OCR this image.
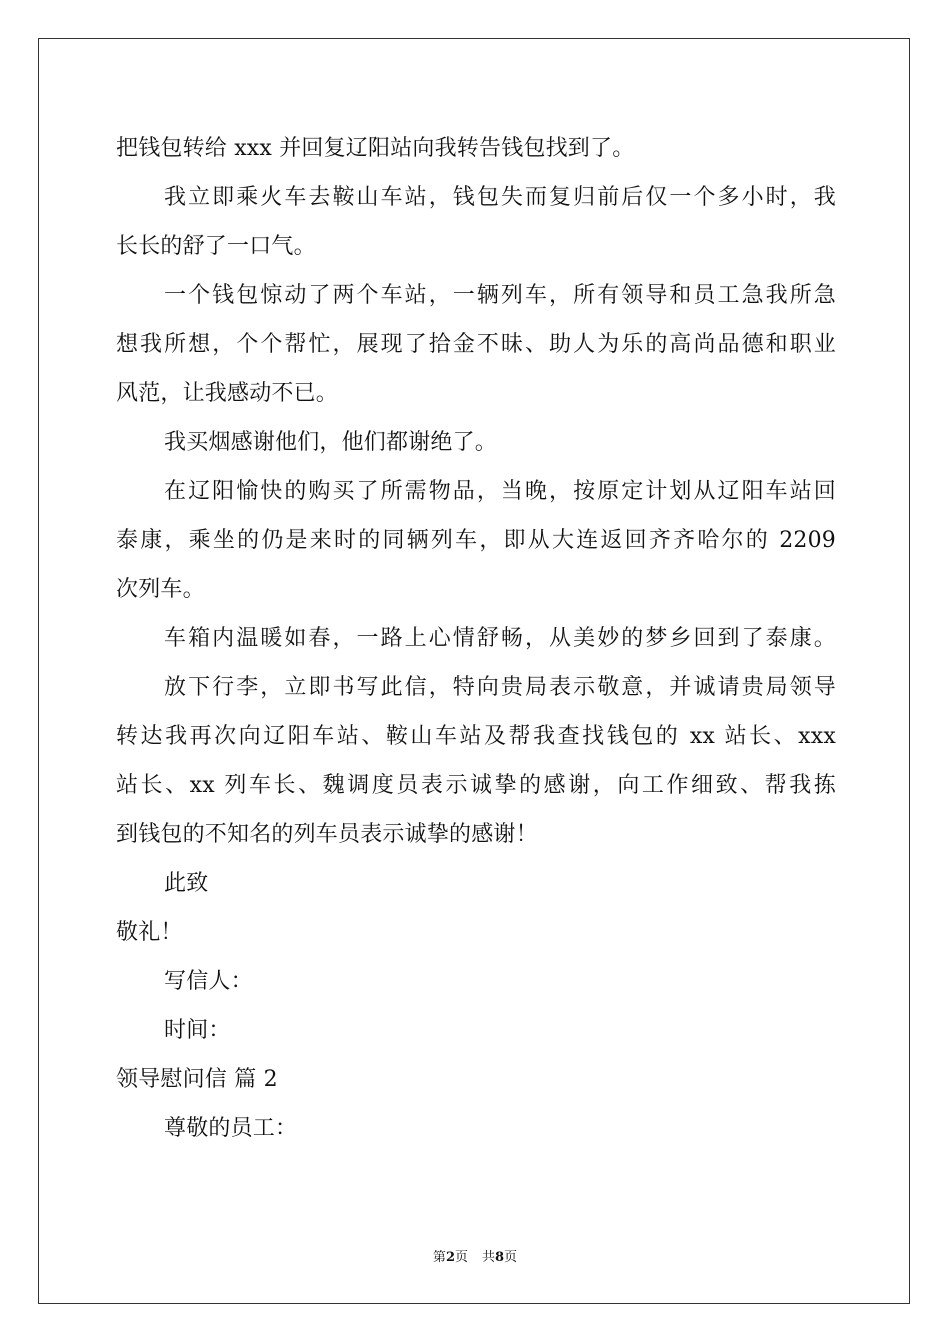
把钱包转给 xxx 并回复辽阳站向我转告钱包找到了。
我立即乘火车去鞍山车站，钱包失而复归前后仅一个多小时，我
长长的舒了一口气。
一个钱包惊动了两个车站，一辆列车，所有领导和员工急我所急
想我所想，个个帮忙，展现了拾金不昧、助人为乐的高尚品德和职业
风范，让我感动不已。
我买烟感谢他们，他们都谢绝了。
在辽阳愉快的购买了所需物品，当晚，按原定计划从辽阳车站回
泰康，乘坐的仍是来时的同辆列车，即从大连返回齐齐哈尔的 2209
次列车。
车箱内温暖如春，一路上心情舒畅，从美妙的梦乡回到了泰康。
放下行李，立即书写此信，特向贵局表示敬意，并诚请贵局领导
转达我再次向辽阳车站、鞍山车站及帮我查找钱包的 xx 站长、xxx
站长、xx 列车长、魏调度员表示诚挚的感谢，向工作细致、帮我拣
到钱包的不知名的列车员表示诚挚的感谢！
此致
敬礼！
写信人：
时间：
领导慰问信 篇 2
尊敬的员工：
第2页 共8页
